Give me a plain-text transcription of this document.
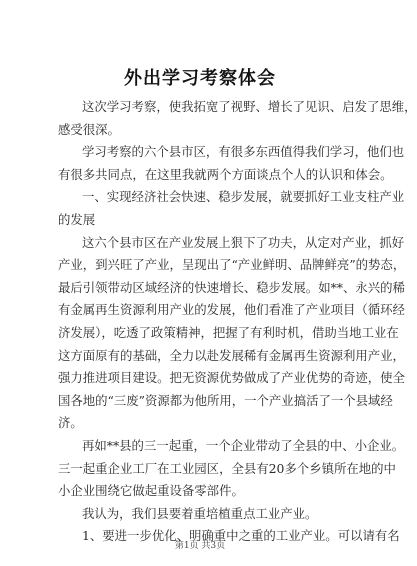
外出学习考察体会
这次学习考察，使我拓宽了视野、增长了见识、启发了思维，
感受很深。
学习考察的六个县市区，有很多东西值得我们学习，他们也
有很多共同点，在这里我就两个方面谈点个人的认识和体会。
一、实现经济社会快速、稳步发展，就要抓好工业支柱产业
的发展
这六个县市区在产业发展上狠下了功夫，从定对产业，抓好
产业，到兴旺了产业，呈现出了“产业鲜明、品牌鲜亮”的势态，
最后引领带动区域经济的快速增长、稳步发展。如**、永兴的稀
有金属再生资源利用产业的发展，他们看准了产业项目（循环经
济发展），吃透了政策精神，把握了有利时机，借助当地工业在
这方面原有的基础，全力以赴发展稀有金属再生资源利用产业，
强力推进项目建设。把无资源优势做成了产业优势的奇迹，使全
国各地的“三废”资源都为他所用，一个产业搞活了一个县域经
济。
再如**县的三一起重，一个企业带动了全县的中、小企业。
三一起重企业工厂在工业园区，全县有20多个乡镇所在地的中
小企业围绕它做起重设备零部件。
我认为，我们县要着重培植重点工业产业。
1、要进一步优化、明确重中之重的工业产业。可以请有名
第1页 共3页
